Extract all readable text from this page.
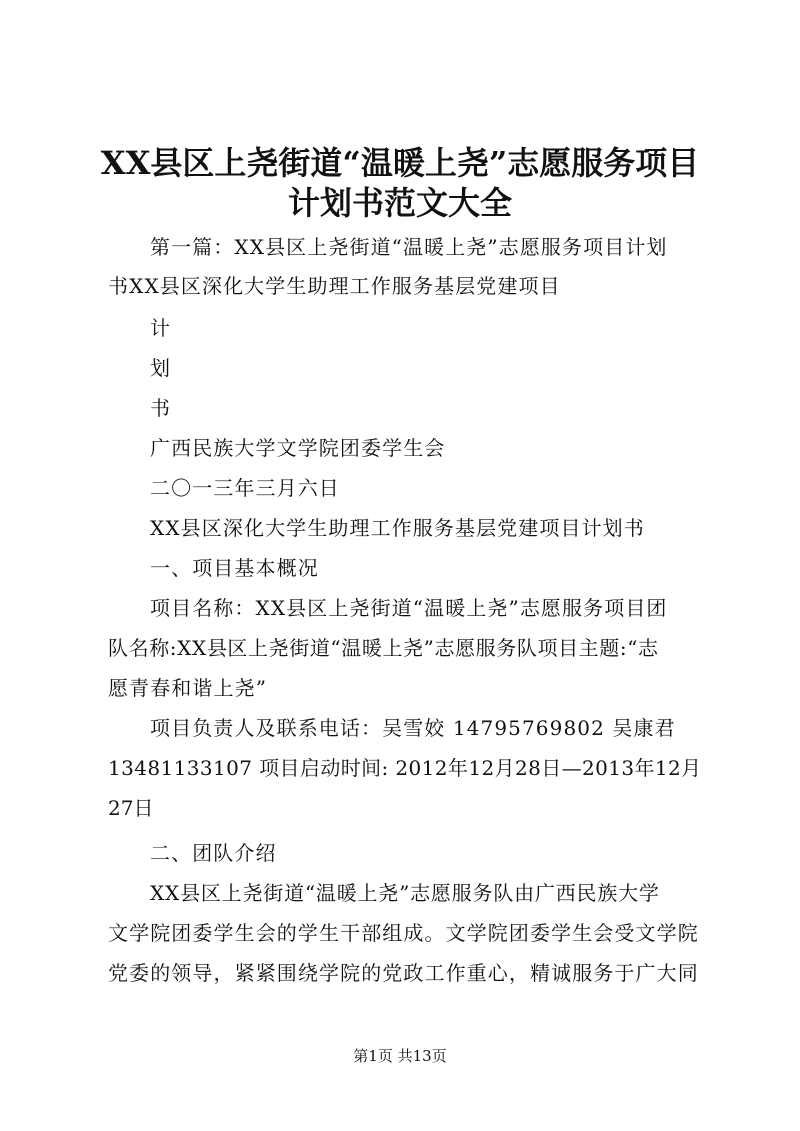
XX县区上尧街道“温暖上尧”志愿服务项目
计划书范文大全

第一篇：XX县区上尧街道“温暖上尧”志愿服务项目计划

书XX县区深化大学生助理工作服务基层党建项目

计

划

书

广西民族大学文学院团委学生会

二〇一三年三月六日

XX县区深化大学生助理工作服务基层党建项目计划书

一、项目基本概况

项目名称：XX县区上尧街道“温暖上尧”志愿服务项目团

队名称:XX县区上尧街道“温暖上尧”志愿服务队项目主题:“志

愿青春和谐上尧”

项目负责人及联系电话：吴雪姣 14795769802 吴康君

13481133107 项目启动时间: 2012年12月28日—2013年12月

27日

二、团队介绍

XX县区上尧街道“温暖上尧”志愿服务队由广西民族大学

文学院团委学生会的学生干部组成。文学院团委学生会受文学院

党委的领导，紧紧围绕学院的党政工作重心，精诚服务于广大同

第1页 共13页
